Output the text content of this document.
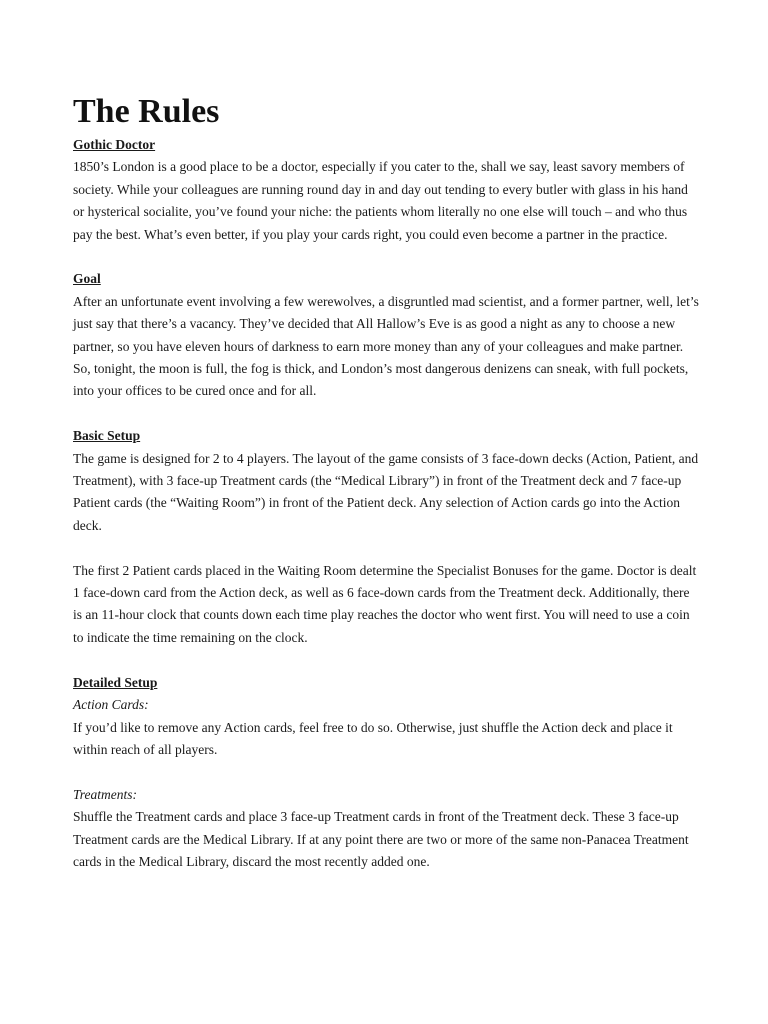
The Rules
Gothic Doctor

1850’s London is a good place to be a doctor, especially if you cater to the, shall we say, least savory members of society. While your colleagues are running round day in and day out tending to every butler with glass in his hand or hysterical socialite, you’ve found your niche: the patients whom literally no one else will touch – and who thus pay the best. What’s even better, if you play your cards right, you could even become a partner in the practice.

Goal

After an unfortunate event involving a few werewolves, a disgruntled mad scientist, and a former partner, well, let’s just say that there’s a vacancy. They’ve decided that All Hallow’s Eve is as good a night as any to choose a new partner, so you have eleven hours of darkness to earn more money than any of your colleagues and make partner. So, tonight, the moon is full, the fog is thick, and London’s most dangerous denizens can sneak, with full pockets, into your offices to be cured once and for all.

Basic Setup

The game is designed for 2 to 4 players. The layout of the game consists of 3 face-down decks (Action, Patient, and Treatment), with 3 face-up Treatment cards (the “Medical Library”) in front of the Treatment deck and 7 face-up Patient cards (the “Waiting Room”) in front of the Patient deck. Any selection of Action cards go into the Action deck.

The first 2 Patient cards placed in the Waiting Room determine the Specialist Bonuses for the game. Doctor is dealt 1 face-down card from the Action deck, as well as 6 face-down cards from the Treatment deck. Additionally, there is an 11-hour clock that counts down each time play reaches the doctor who went first. You will need to use a coin to indicate the time remaining on the clock.

Detailed Setup
Action Cards:

If you’d like to remove any Action cards, feel free to do so. Otherwise, just shuffle the Action deck and place it within reach of all players.

Treatments:

Shuffle the Treatment cards and place 3 face-up Treatment cards in front of the Treatment deck. These 3 face-up Treatment cards are the Medical Library. If at any point there are two or more of the same non-Panacea Treatment cards in the Medical Library, discard the most recently added one.
